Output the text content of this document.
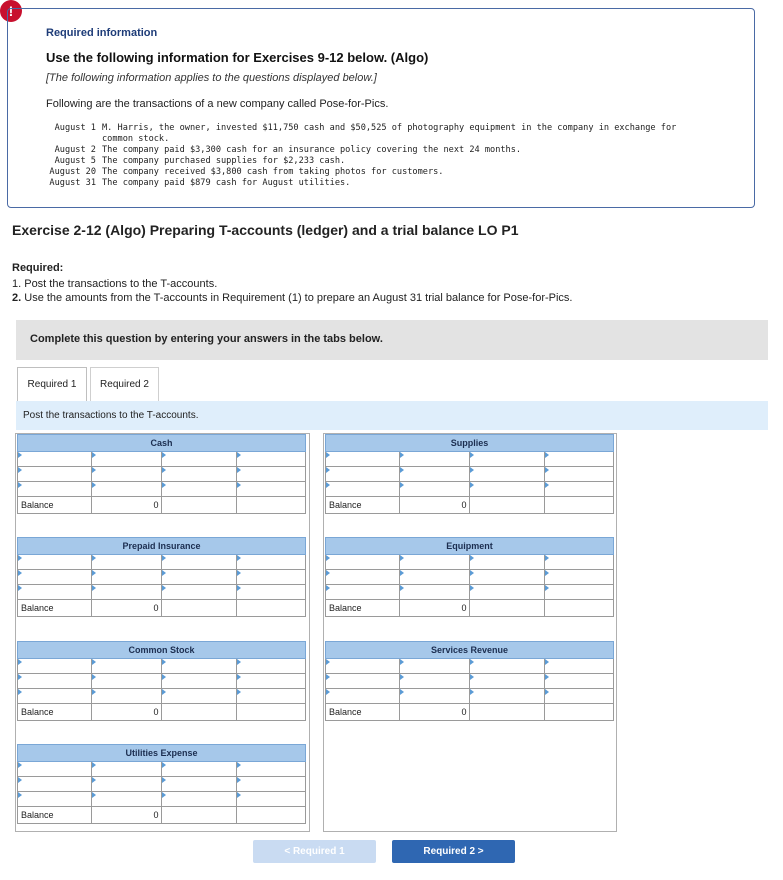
!
Required information
Use the following information for Exercises 9-12 below. (Algo)
[The following information applies to the questions displayed below.]
Following are the transactions of a new company called Pose-for-Pics.
August 1 M. Harris, the owner, invested $11,750 cash and $50,525 of photography equipment in the company in exchange for common stock.
August 2 The company paid $3,300 cash for an insurance policy covering the next 24 months.
August 5 The company purchased supplies for $2,233 cash.
August 20 The company received $3,800 cash from taking photos for customers.
August 31 The company paid $879 cash for August utilities.
Exercise 2-12 (Algo) Preparing T-accounts (ledger) and a trial balance LO P1
Required:
1. Post the transactions to the T-accounts.
2. Use the amounts from the T-accounts in Requirement (1) to prepare an August 31 trial balance for Pose-for-Pics.
Complete this question by entering your answers in the tabs below.
Required 1	Required 2
Post the transactions to the T-accounts.
Cash			

Balance	0		
Supplies			

Balance	0		
Prepaid Insurance			

Balance	0		
Equipment			

Balance	0		
Common Stock			

Balance	0		
Services Revenue			

Balance	0		
Utilities Expense			

Balance	0		
< Required 1	Required 2 >
